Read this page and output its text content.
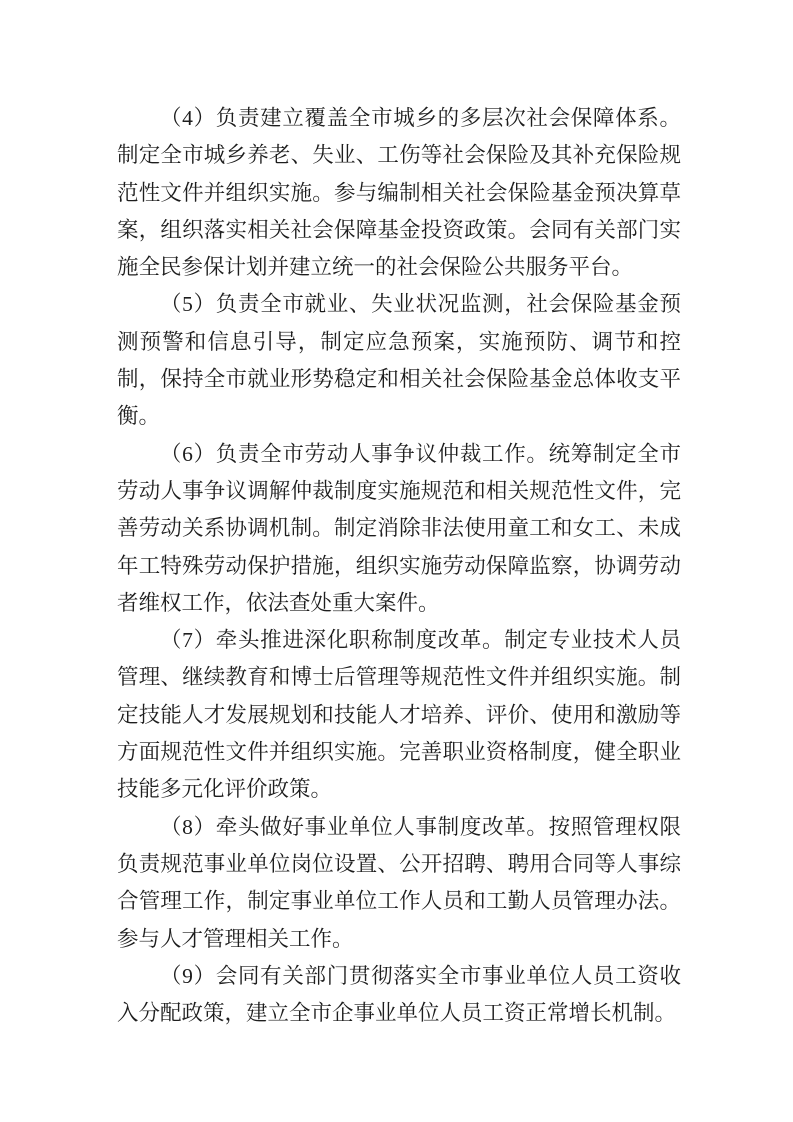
（4）负责建立覆盖全市城乡的多层次社会保障体系。制定全市城乡养老、失业、工伤等社会保险及其补充保险规范性文件并组织实施。参与编制相关社会保险基金预决算草案，组织落实相关社会保障基金投资政策。会同有关部门实施全民参保计划并建立统一的社会保险公共服务平台。

（5）负责全市就业、失业状况监测，社会保险基金预测预警和信息引导，制定应急预案，实施预防、调节和控制，保持全市就业形势稳定和相关社会保险基金总体收支平衡。

（6）负责全市劳动人事争议仲裁工作。统筹制定全市劳动人事争议调解仲裁制度实施规范和相关规范性文件，完善劳动关系协调机制。制定消除非法使用童工和女工、未成年工特殊劳动保护措施，组织实施劳动保障监察，协调劳动者维权工作，依法查处重大案件。

（7）牵头推进深化职称制度改革。制定专业技术人员管理、继续教育和博士后管理等规范性文件并组织实施。制定技能人才发展规划和技能人才培养、评价、使用和激励等方面规范性文件并组织实施。完善职业资格制度，健全职业技能多元化评价政策。

（8）牵头做好事业单位人事制度改革。按照管理权限负责规范事业单位岗位设置、公开招聘、聘用合同等人事综合管理工作，制定事业单位工作人员和工勤人员管理办法。参与人才管理相关工作。

（9）会同有关部门贯彻落实全市事业单位人员工资收入分配政策，建立全市企事业单位人员工资正常增长机制。
